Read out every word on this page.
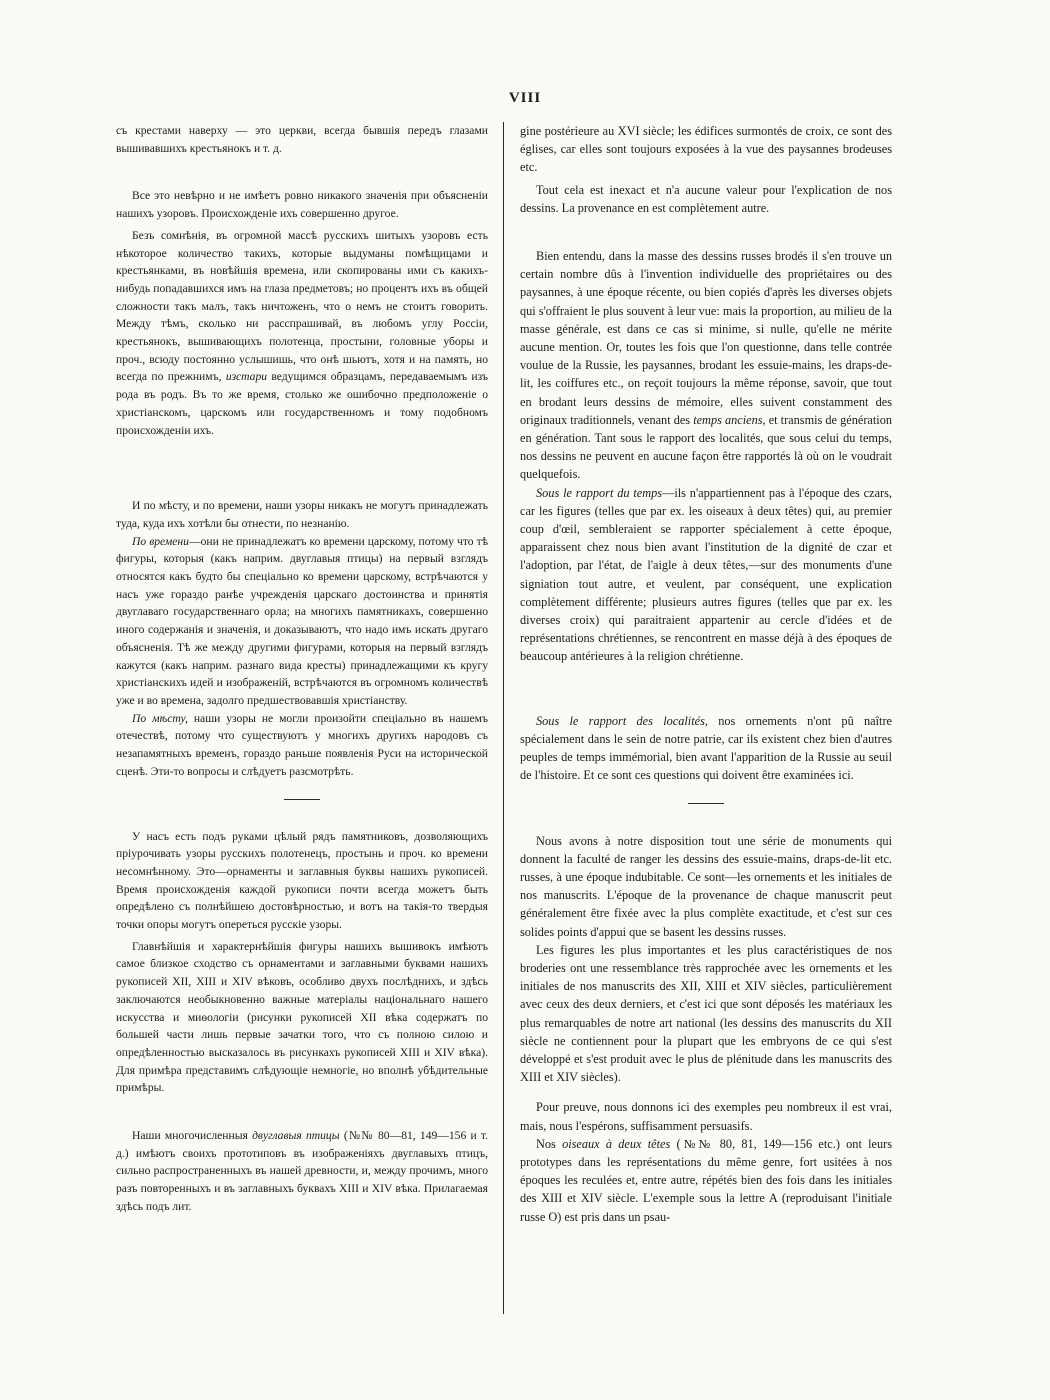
VIII

съ крестами наверху — это церкви, всегда бывшія передъ глазами вышивавшихъ крестьянокъ и т. д.

Все это невѣрно и не имѣетъ ровно никакого значенія при объясненіи нашихъ узоровъ. Происхожденіе ихъ совершенно другое.

Безъ сомнѣнія, въ огромной массѣ русскихъ шитыхъ узоровъ есть нѣкоторое количество такихъ, которые выдуманы помѣщицами и крестьянками, въ новѣйшія времена, или скопированы ими съ какихъ-нибудь попадавшихся имъ на глаза предметовъ; но процентъ ихъ въ общей сложности такъ малъ, такъ ничтоженъ, что о немъ не стоитъ говорить. Между тѣмъ, сколько ни расспрашивай, въ любомъ углу Россіи, крестьянокъ, вышивающихъ полотенца, простыни, головные уборы и проч., всюду постоянно услышишь, что онѣ шьютъ, хотя и на память, но всегда по прежнимъ, изстари ведущимся образцамъ, передаваемымъ изъ рода въ родъ. Въ то же время, столько же ошибочно предположеніе о христіанскомъ, царскомъ или государственномъ и тому подобномъ происхожденіи ихъ.

И по мѣсту, и по времени, наши узоры никакъ не могутъ принадлежать туда, куда ихъ хотѣли бы отнести, по незнанію.

По времени—они не принадлежатъ ко времени царскому, потому что тѣ фигуры, которыя (какъ наприм. двуглавыя птицы) на первый взглядъ относятся какъ будто бы спеціально ко времени царскому, встрѣчаются у насъ уже гораздо ранѣе учрежденія царскаго достоинства и принятія двуглаваго государственнаго орла; на многихъ памятникахъ, совершенно иного содержанія и значенія, и доказываютъ, что надо имъ искать другаго объясненія. Тѣ же между другими фигурами, которыя на первый взглядъ кажутся (какъ наприм. разнаго вида кресты) принадлежащими къ кругу христіанскихъ идей и изображеній, встрѣчаются въ огромномъ количествѣ уже и во времена, задолго предшествовавшія христіанству.

По мѣсту, наши узоры не могли произойти спеціально въ нашемъ отечествѣ, потому что существуютъ у многихъ другихъ народовъ съ незапамятныхъ временъ, гораздо раньше появленія Руси на исторической сценѣ. Эти-то вопросы и слѣдуетъ разсмотрѣть.

У насъ есть подъ руками цѣлый рядъ памятниковъ, дозволяющихъ пріурочивать узоры русскихъ полотенецъ, простынь и проч. ко времени несомнѣнному. Это—орнаменты и заглавныя буквы нашихъ рукописей. Время происхожденія каждой рукописи почти всегда можетъ быть опредѣлено съ полнѣйшею достовѣрностью, и вотъ на такія-то твердыя точки опоры могутъ опереться русскіе узоры.

Главнѣйшія и характернѣйшія фигуры нашихъ вышивокъ имѣютъ самое близкое сходство съ орнаментами и заглавными буквами нашихъ рукописей XII, XIII и XIV вѣковъ, особливо двухъ послѣднихъ, и здѣсь заключаются необыкновенно важные матеріалы національнаго нашего искусства и миѳологіи (рисунки рукописей XII вѣка содержатъ по большей части лишь первые зачатки того, что съ полною силою и опредѣленностью высказалось въ рисункахъ рукописей XIII и XIV вѣка). Для примѣра представимъ слѣдующіе немногіе, но вполнѣ убѣдительные примѣры.

Наши многочисленныя двуглавыя птицы (№№ 80—81, 149—156 и т. д.) имѣютъ своихъ прототиповъ въ изображеніяхъ двуглавыхъ птицъ, сильно распространенныхъ въ нашей древности, и, между прочимъ, много разъ повторенныхъ и въ заглавныхъ буквахъ XIII и XIV вѣка. Прилагаемая здѣсь подъ лит.

gine postérieure au XVI siècle; les édifices surmontés de croix, ce sont des églises, car elles sont toujours exposées à la vue des paysannes brodeuses etc.

Tout cela est inexact et n'a aucune valeur pour l'explication de nos dessins. La provenance en est complètement autre.

Bien entendu, dans la masse des dessins russes brodés il s'en trouve un certain nombre dûs à l'invention individuelle des propriétaires ou des paysannes, à une époque récente, ou bien copiés d'après les diverses objets qui s'offraient le plus souvent à leur vue: mais la proportion, au milieu de la masse générale, est dans ce cas si minime, si nulle, qu'elle ne mérite aucune mention. Or, toutes les fois que l'on questionne, dans telle contrée voulue de la Russie, les paysannes, brodant les essuie-mains, les draps-de-lit, les coiffures etc., on reçoit toujours la même réponse, savoir, que tout en brodant leurs dessins de mémoire, elles suivent constamment des originaux traditionnels, venant des temps anciens, et transmis de génération en génération. Tant sous le rapport des localités, que sous celui du temps, nos dessins ne peuvent en aucune façon être rapportés là où on le voudrait quelquefois.

Sous le rapport du temps—ils n'appartiennent pas à l'époque des czars, car les figures (telles que par ex. les oiseaux à deux têtes) qui, au premier coup d'œil, sembleraient se rapporter spécialement à cette époque, apparaissent chez nous bien avant l'institution de la dignité de czar et l'adoption, par l'état, de l'aigle à deux têtes,—sur des monuments d'une signiation tout autre, et veulent, par conséquent, une explication complètement différente; plusieurs autres figures (telles que par ex. les diverses croix) qui paraitraient appartenir au cercle d'idées et de représentations chrétiennes, se rencontrent en masse déjà à des époques de beaucoup antérieures à la religion chrétienne.

Sous le rapport des localités, nos ornements n'ont pû naître spécialement dans le sein de notre patrie, car ils existent chez bien d'autres peuples de temps immémorial, bien avant l'apparition de la Russie au seuil de l'histoire. Et ce sont ces questions qui doivent être examinées ici.

Nous avons à notre disposition tout une série de monuments qui donnent la faculté de ranger les dessins des essuie-mains, draps-de-lit etc. russes, à une époque indubitable. Ce sont—les ornements et les initiales de nos manuscrits. L'époque de la provenance de chaque manuscrit peut généralement être fixée avec la plus complète exactitude, et c'est sur ces solides points d'appui que se basent les dessins russes.

Les figures les plus importantes et les plus caractéristiques de nos broderies ont une ressemblance très rapprochée avec les ornements et les initiales de nos manuscrits des XII, XIII et XIV siècles, particulièrement avec ceux des deux derniers, et c'est ici que sont déposés les matériaux les plus remarquables de notre art national (les dessins des manuscrits du XII siècle ne contiennent pour la plupart que les embryons de ce qui s'est développé et s'est produit avec le plus de plénitude dans les manuscrits des XIII et XIV siècles).

Pour preuve, nous donnons ici des exemples peu nombreux il est vrai, mais, nous l'espérons, suffisamment persuasifs.

Nos oiseaux à deux têtes (№№ 80, 81, 149—156 etc.) ont leurs prototypes dans les représentations du même genre, fort usitées à nos époques les reculées et, entre autre, répétés bien des fois dans les initiales des XIII et XIV siècle. L'exemple sous la lettre A (reproduisant l'initiale russe О) est pris dans un psau-
